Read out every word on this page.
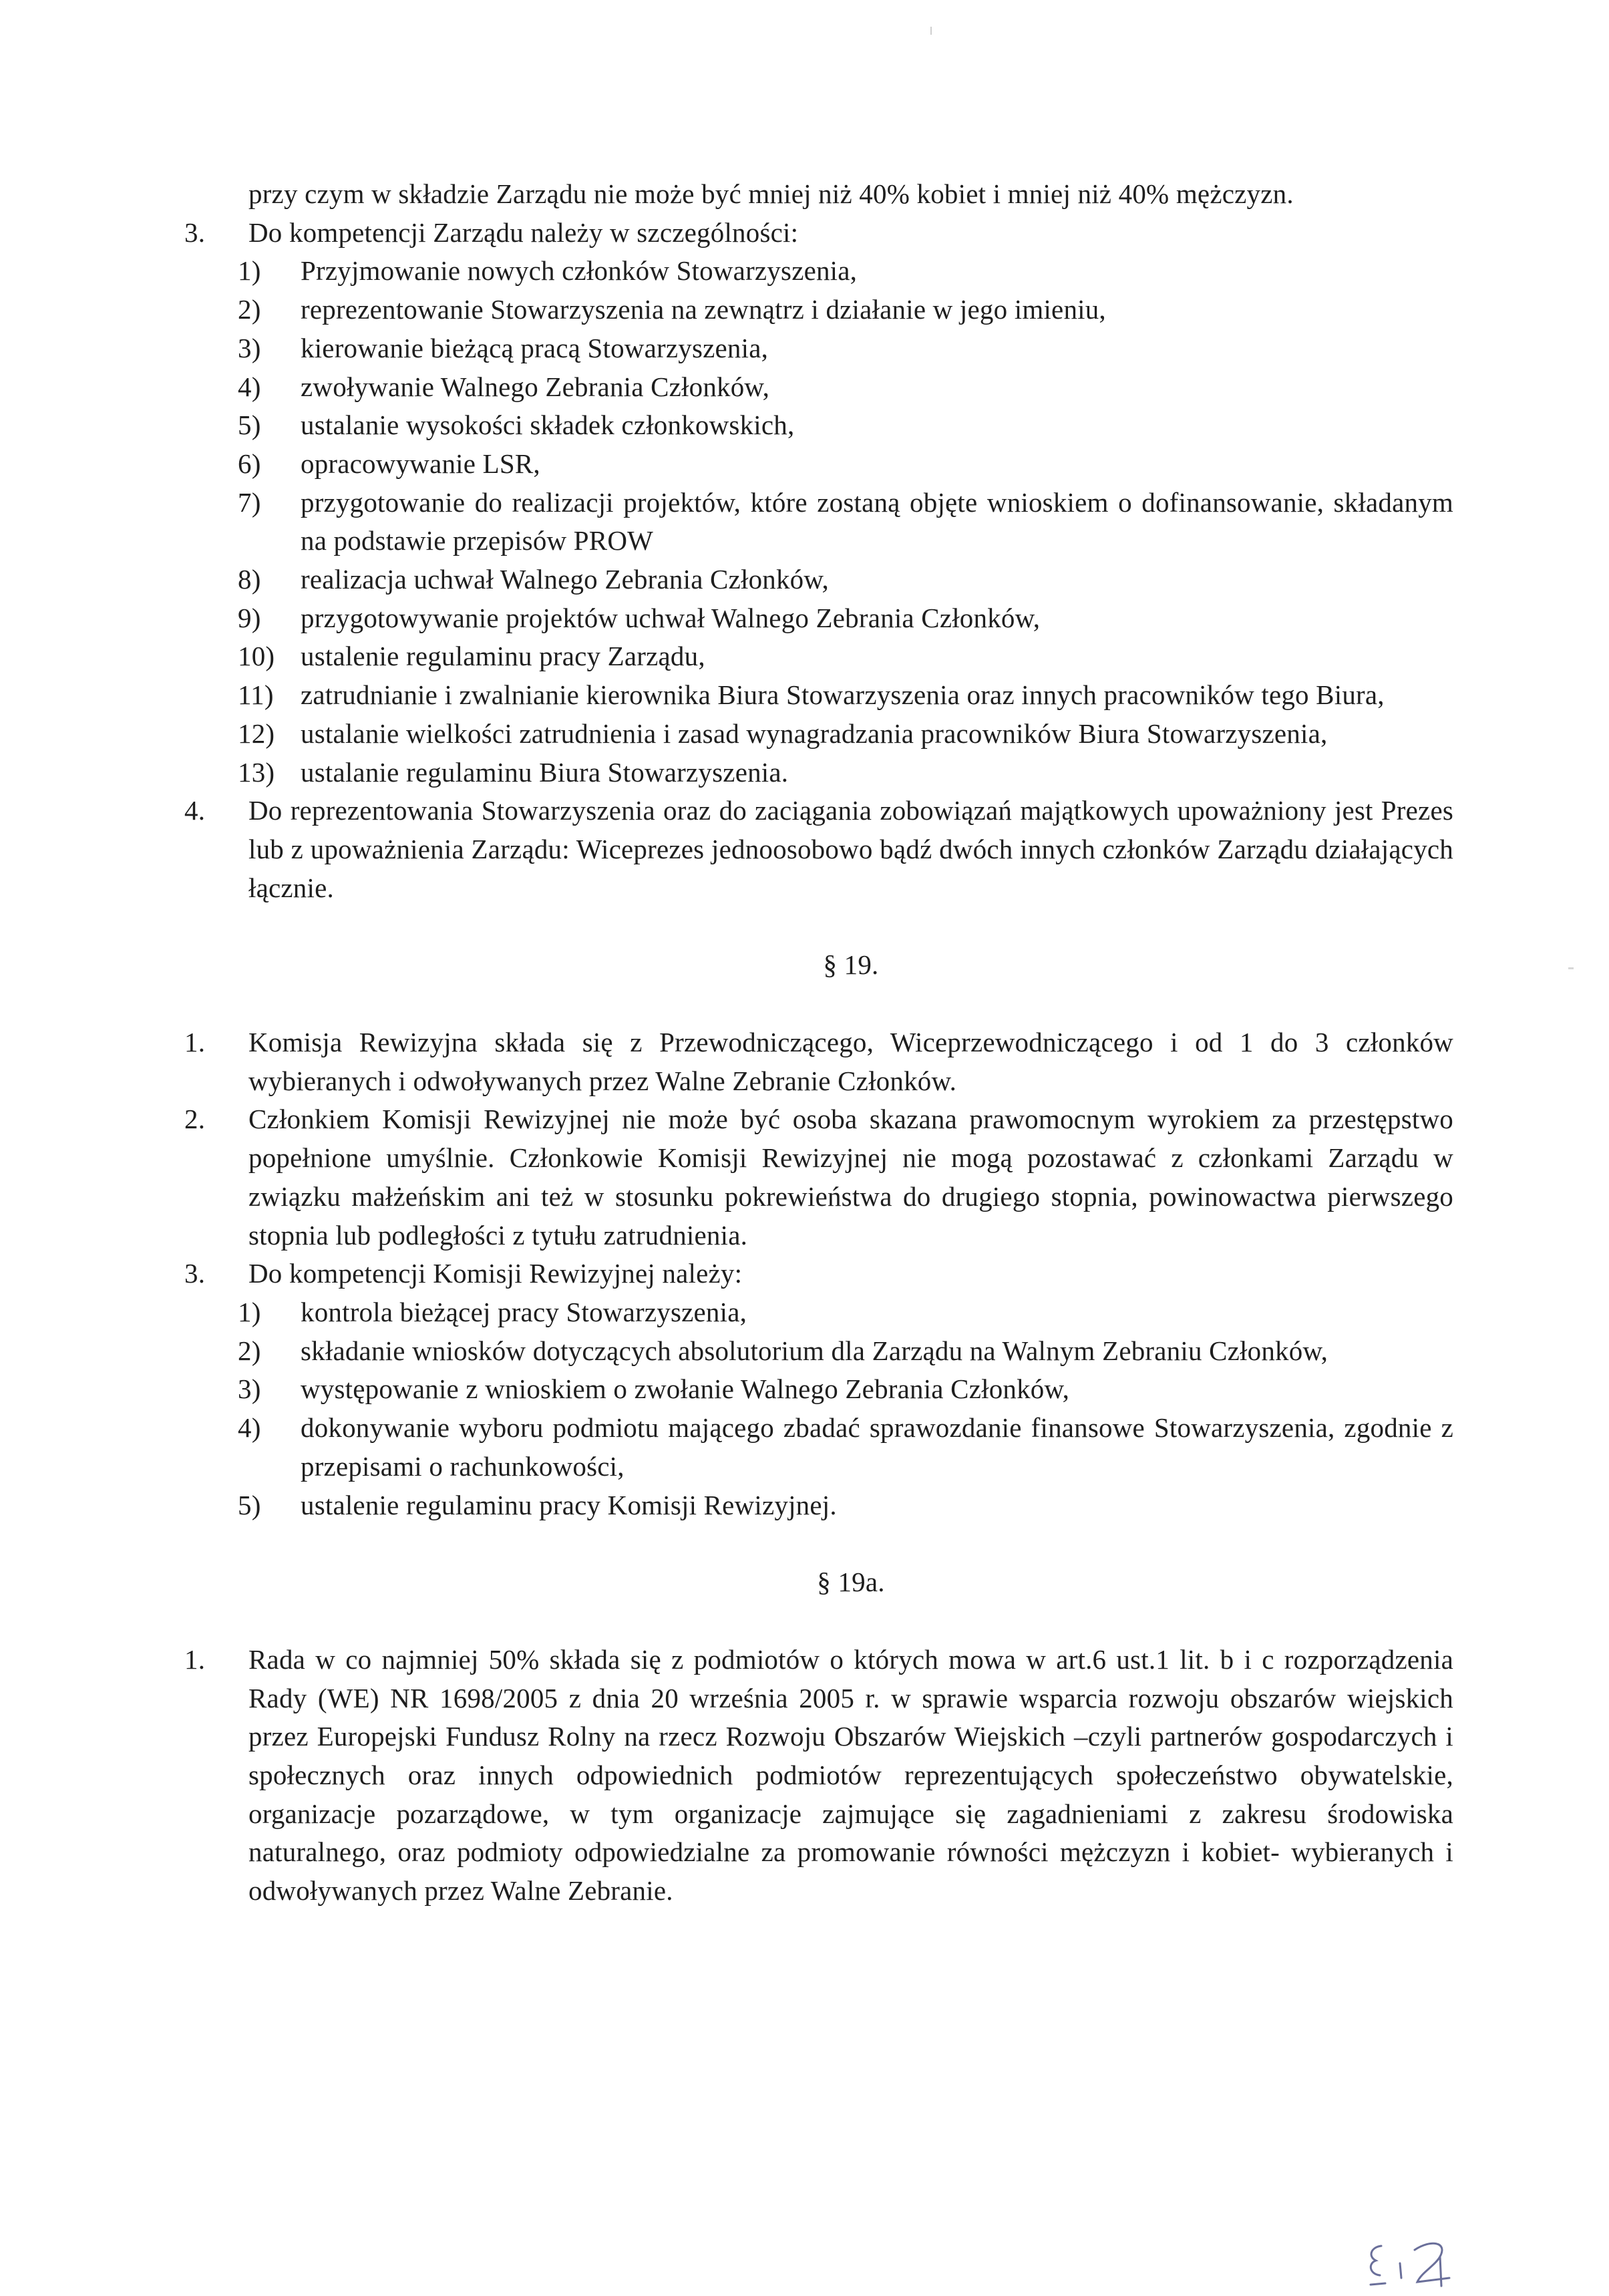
przy czym w składzie Zarządu nie może być mniej niż 40% kobiet i mniej niż 40% mężczyzn.
3.	Do kompetencji Zarządu należy w szczególności:
1)	Przyjmowanie nowych członków Stowarzyszenia,
2)	reprezentowanie Stowarzyszenia na zewnątrz i działanie w jego imieniu,
3)	kierowanie bieżącą pracą Stowarzyszenia,
4)	zwoływanie Walnego Zebrania Członków,
5)	ustalanie wysokości składek członkowskich,
6)	opracowywanie LSR,
7)	przygotowanie do realizacji projektów, które zostaną objęte wnioskiem o dofinansowanie, składanym na podstawie przepisów PROW
8)	realizacja uchwał Walnego Zebrania Członków,
9)	przygotowywanie projektów uchwał Walnego Zebrania Członków,
10) ustalenie regulaminu pracy Zarządu,
11) zatrudnianie i zwalnianie kierownika Biura Stowarzyszenia oraz innych pracowników tego Biura,
12) ustalanie wielkości zatrudnienia i zasad wynagradzania pracowników Biura Stowarzyszenia,
13) ustalanie regulaminu Biura Stowarzyszenia.
4.	Do reprezentowania Stowarzyszenia oraz do zaciągania zobowiązań majątkowych upoważniony jest Prezes lub z upoważnienia Zarządu: Wiceprezes jednoosobowo bądź dwóch innych członków Zarządu działających łącznie.
§ 19.
1.	Komisja Rewizyjna składa się z Przewodniczącego, Wiceprzewodniczącego i od 1 do 3 członków wybieranych i odwoływanych przez Walne Zebranie Członków.
2.	Członkiem Komisji Rewizyjnej nie może być osoba skazana prawomocnym wyrokiem za przestępstwo popełnione umyślnie. Członkowie Komisji Rewizyjnej nie mogą pozostawać z członkami Zarządu w związku małżeńskim ani też w stosunku pokrewieństwa do drugiego stopnia, powinowactwa pierwszego stopnia lub podległości z tytułu zatrudnienia.
3.	Do kompetencji Komisji Rewizyjnej należy:
1)	kontrola bieżącej pracy Stowarzyszenia,
2)	składanie wniosków dotyczących absolutorium dla Zarządu na Walnym Zebraniu Członków,
3)	występowanie z wnioskiem o zwołanie Walnego Zebrania Członków,
4)	dokonywanie wyboru podmiotu mającego zbadać sprawozdanie finansowe Stowarzyszenia, zgodnie z przepisami o rachunkowości,
5)	ustalenie regulaminu pracy Komisji Rewizyjnej.
§ 19a.
1.	Rada w co najmniej 50% składa się z podmiotów o których mowa w art.6 ust.1 lit. b i c rozporządzenia Rady (WE) NR 1698/2005 z dnia 20 września 2005 r. w sprawie wsparcia rozwoju obszarów wiejskich przez Europejski Fundusz Rolny na rzecz Rozwoju Obszarów Wiejskich –czyli partnerów gospodarczych i społecznych oraz innych odpowiednich podmiotów reprezentujących społeczeństwo obywatelskie, organizacje pozarządowe, w tym organizacje zajmujące się zagadnieniami z zakresu środowiska naturalnego, oraz podmioty odpowiedzialne za promowanie równości mężczyzn i kobiet- wybieranych i odwoływanych przez Walne Zebranie.
